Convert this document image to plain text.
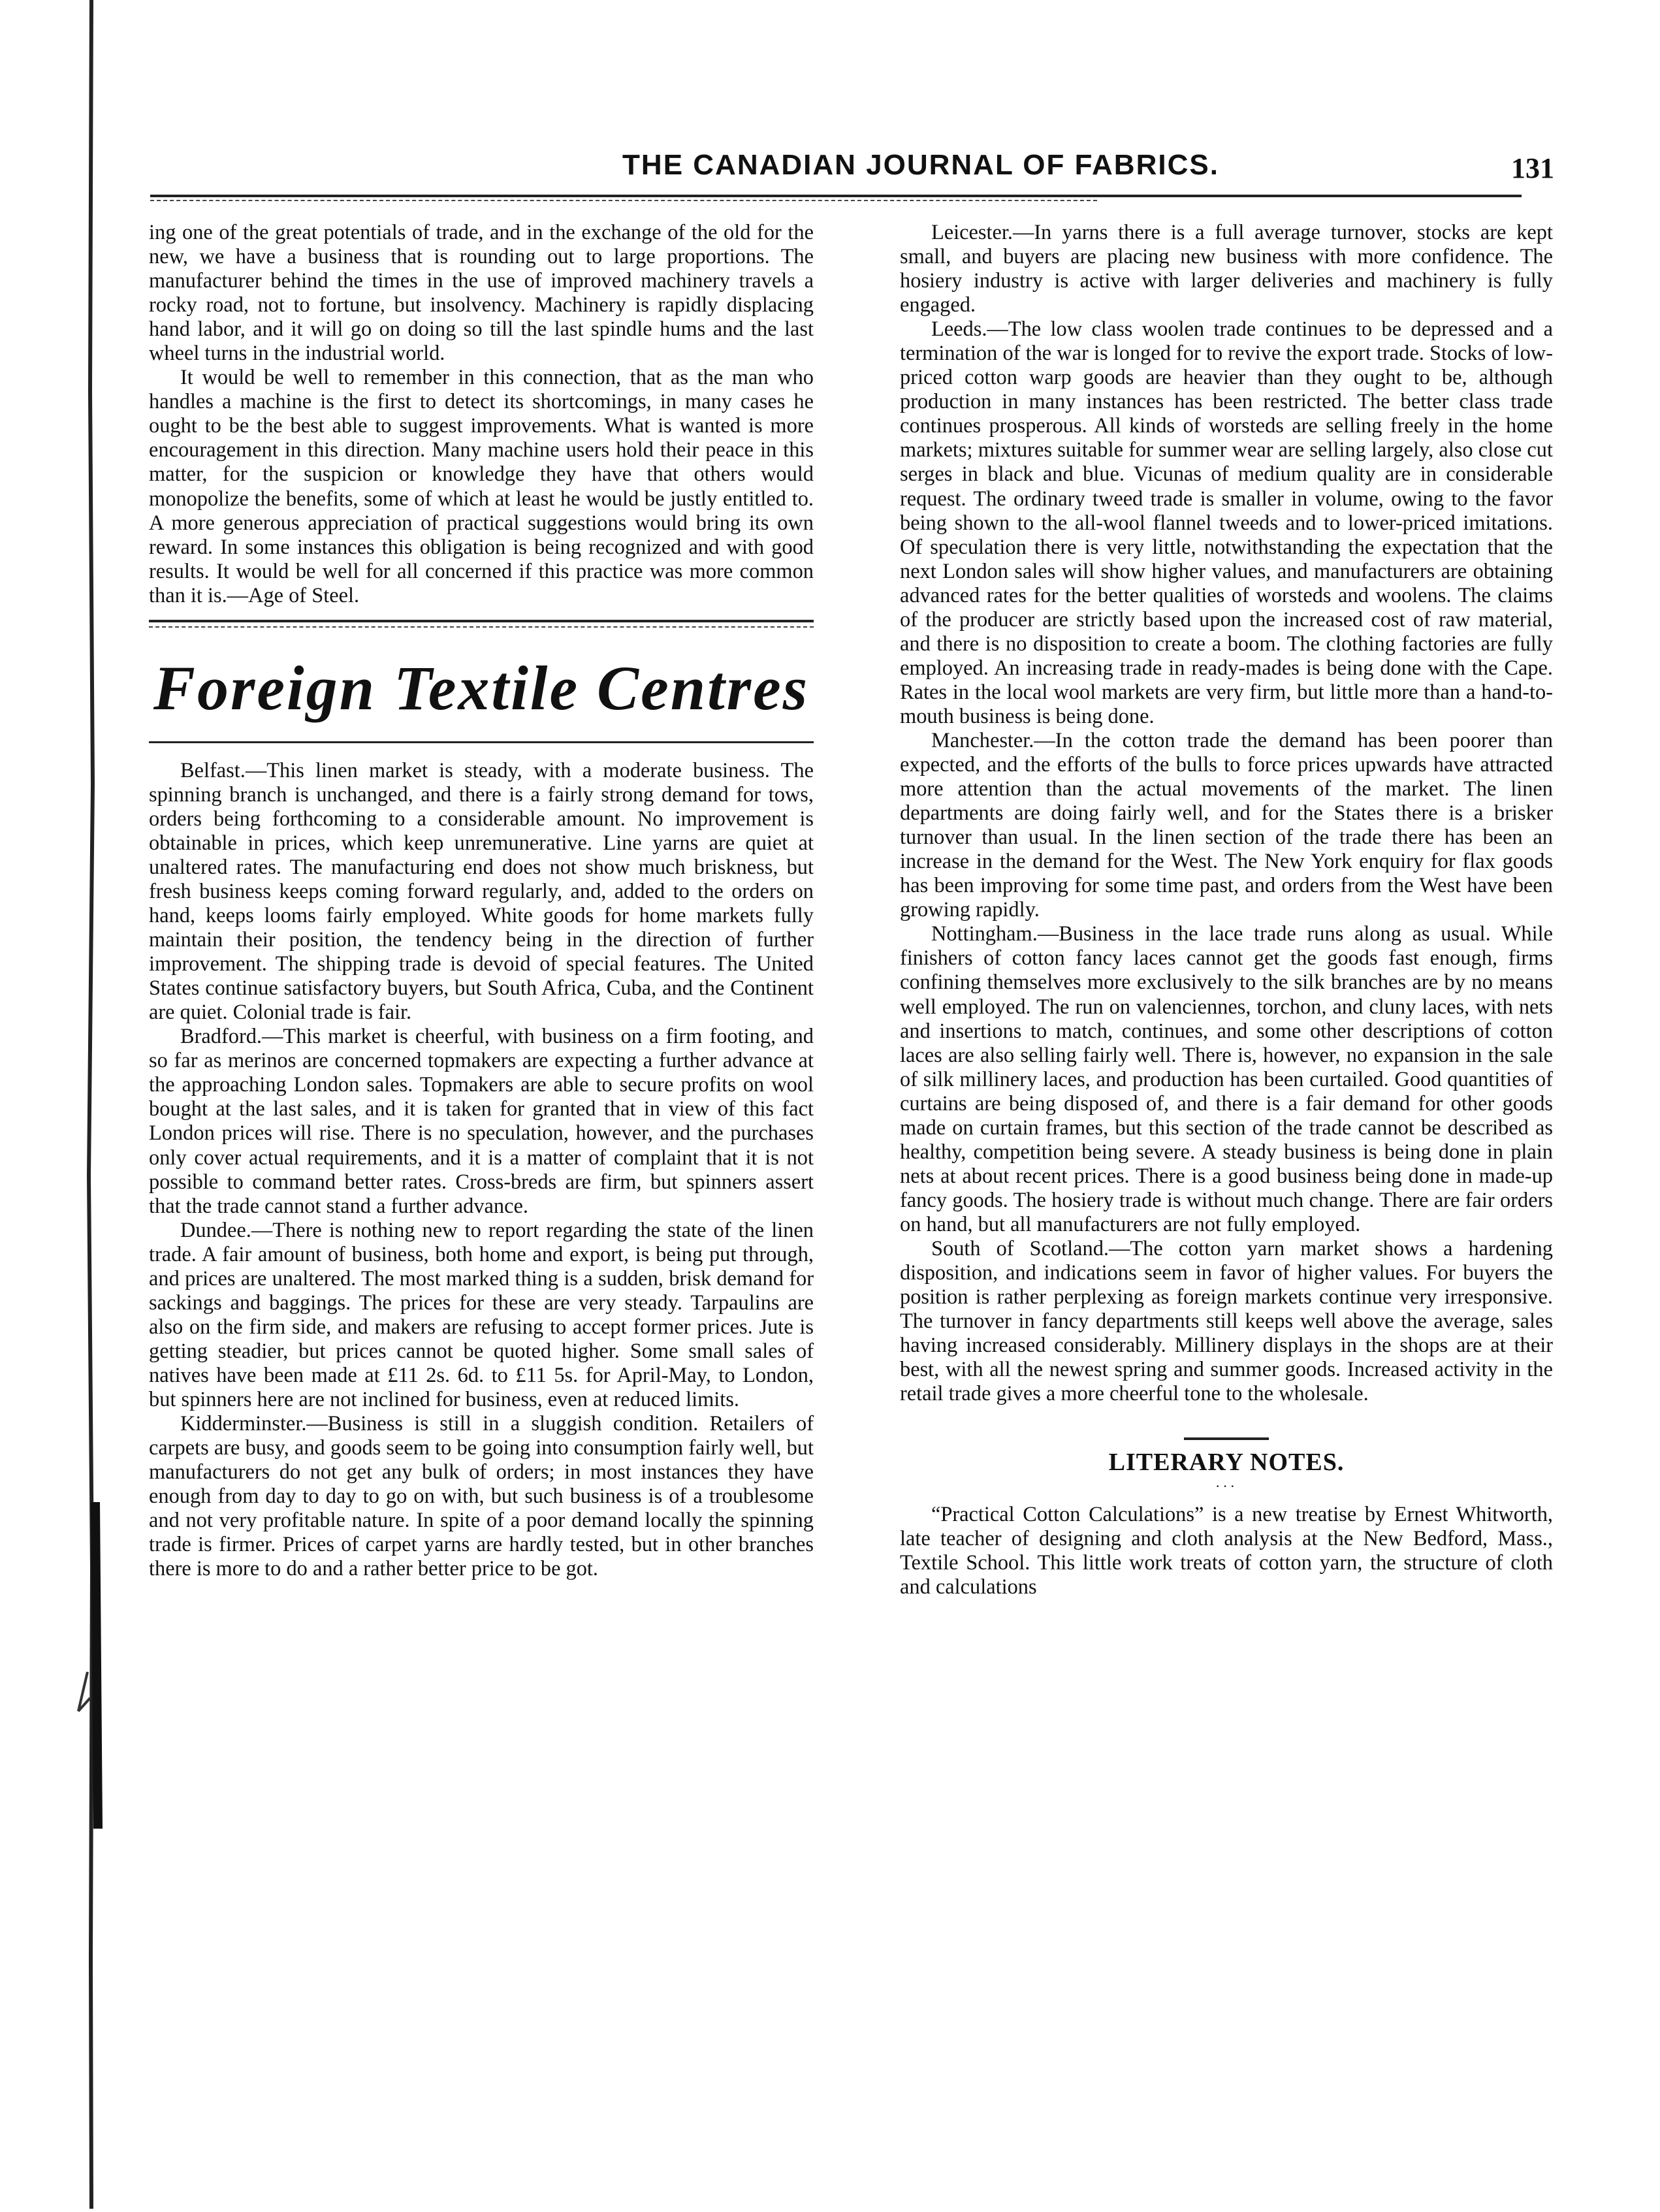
THE CANADIAN JOURNAL OF FABRICS.	131

ing one of the great potentials of trade, and in the exchange of the old for the new, we have a business that is rounding out to large proportions. The manufacturer behind the times in the use of improved machinery travels a rocky road, not to fortune, but insolvency. Machinery is rapidly displacing hand labor, and it will go on doing so till the last spindle hums and the last wheel turns in the industrial world.

It would be well to remember in this connection, that as the man who handles a machine is the first to detect its shortcomings, in many cases he ought to be the best able to suggest improvements. What is wanted is more encouragement in this direction. Many machine users hold their peace in this matter, for the suspicion or knowledge they have that others would monopolize the benefits, some of which at least he would be justly entitled to. A more generous appreciation of practical suggestions would bring its own reward. In some instances this obligation is being recognized and with good results. It would be well for all concerned if this practice was more common than it is.—Age of Steel.

Foreign Textile Centres

Belfast.—This linen market is steady, with a moderate business. The spinning branch is unchanged, and there is a fairly strong demand for tows, orders being forthcoming to a considerable amount. No improvement is obtainable in prices, which keep unremunerative. Line yarns are quiet at unaltered rates. The manufacturing end does not show much briskness, but fresh business keeps coming forward regularly, and, added to the orders on hand, keeps looms fairly employed. White goods for home markets fully maintain their position, the tendency being in the direction of further improvement. The shipping trade is devoid of special features. The United States continue satisfactory buyers, but South Africa, Cuba, and the Continent are quiet. Colonial trade is fair.

Bradford.—This market is cheerful, with business on a firm footing, and so far as merinos are concerned topmakers are expecting a further advance at the approaching London sales. Topmakers are able to secure profits on wool bought at the last sales, and it is taken for granted that in view of this fact London prices will rise. There is no speculation, however, and the purchases only cover actual requirements, and it is a matter of complaint that it is not possible to command better rates. Cross-breds are firm, but spinners assert that the trade cannot stand a further advance.

Dundee.—There is nothing new to report regarding the state of the linen trade. A fair amount of business, both home and export, is being put through, and prices are unaltered. The most marked thing is a sudden, brisk demand for sackings and baggings. The prices for these are very steady. Tarpaulins are also on the firm side, and makers are refusing to accept former prices. Jute is getting steadier, but prices cannot be quoted higher. Some small sales of natives have been made at £11 2s. 6d. to £11 5s. for April-May, to London, but spinners here are not inclined for business, even at reduced limits.

Kidderminster.—Business is still in a sluggish condition. Retailers of carpets are busy, and goods seem to be going into consumption fairly well, but manufacturers do not get any bulk of orders; in most instances they have enough from day to day to go on with, but such business is of a troublesome and not very profitable nature. In spite of a poor demand locally the spinning trade is firmer. Prices of carpet yarns are hardly tested, but in other branches there is more to do and a rather better price to be got.

Leicester.—In yarns there is a full average turnover, stocks are kept small, and buyers are placing new business with more confidence. The hosiery industry is active with larger deliveries and machinery is fully engaged.

Leeds.—The low class woolen trade continues to be depressed and a termination of the war is longed for to revive the export trade. Stocks of low-priced cotton warp goods are heavier than they ought to be, although production in many instances has been restricted. The better class trade continues prosperous. All kinds of worsteds are selling freely in the home markets; mixtures suitable for summer wear are selling largely, also close cut serges in black and blue. Vicunas of medium quality are in considerable request. The ordinary tweed trade is smaller in volume, owing to the favor being shown to the all-wool flannel tweeds and to lower-priced imitations. Of speculation there is very little, notwithstanding the expectation that the next London sales will show higher values, and manufacturers are obtaining advanced rates for the better qualities of worsteds and woolens. The claims of the producer are strictly based upon the increased cost of raw material, and there is no disposition to create a boom. The clothing factories are fully employed. An increasing trade in ready-mades is being done with the Cape. Rates in the local wool markets are very firm, but little more than a hand-to-mouth business is being done.

Manchester.—In the cotton trade the demand has been poorer than expected, and the efforts of the bulls to force prices upwards have attracted more attention than the actual movements of the market. The linen departments are doing fairly well, and for the States there is a brisker turnover than usual. In the linen section of the trade there has been an increase in the demand for the West. The New York enquiry for flax goods has been improving for some time past, and orders from the West have been growing rapidly.

Nottingham.—Business in the lace trade runs along as usual. While finishers of cotton fancy laces cannot get the goods fast enough, firms confining themselves more exclusively to the silk branches are by no means well employed. The run on valenciennes, torchon, and cluny laces, with nets and insertions to match, continues, and some other descriptions of cotton laces are also selling fairly well. There is, however, no expansion in the sale of silk millinery laces, and production has been curtailed. Good quantities of curtains are being disposed of, and there is a fair demand for other goods made on curtain frames, but this section of the trade cannot be described as healthy, competition being severe. A steady business is being done in plain nets at about recent prices. There is a good business being done in made-up fancy goods. The hosiery trade is without much change. There are fair orders on hand, but all manufacturers are not fully employed.

South of Scotland.—The cotton yarn market shows a hardening disposition, and indications seem in favor of higher values. For buyers the position is rather perplexing as foreign markets continue very irresponsive. The turnover in fancy departments still keeps well above the average, sales having increased considerably. Millinery displays in the shops are at their best, with all the newest spring and summer goods. Increased activity in the retail trade gives a more cheerful tone to the wholesale.

LITERARY NOTES.
···

“Practical Cotton Calculations” is a new treatise by Ernest Whitworth, late teacher of designing and cloth analysis at the New Bedford, Mass., Textile School. This little work treats of cotton yarn, the structure of cloth and calculations
